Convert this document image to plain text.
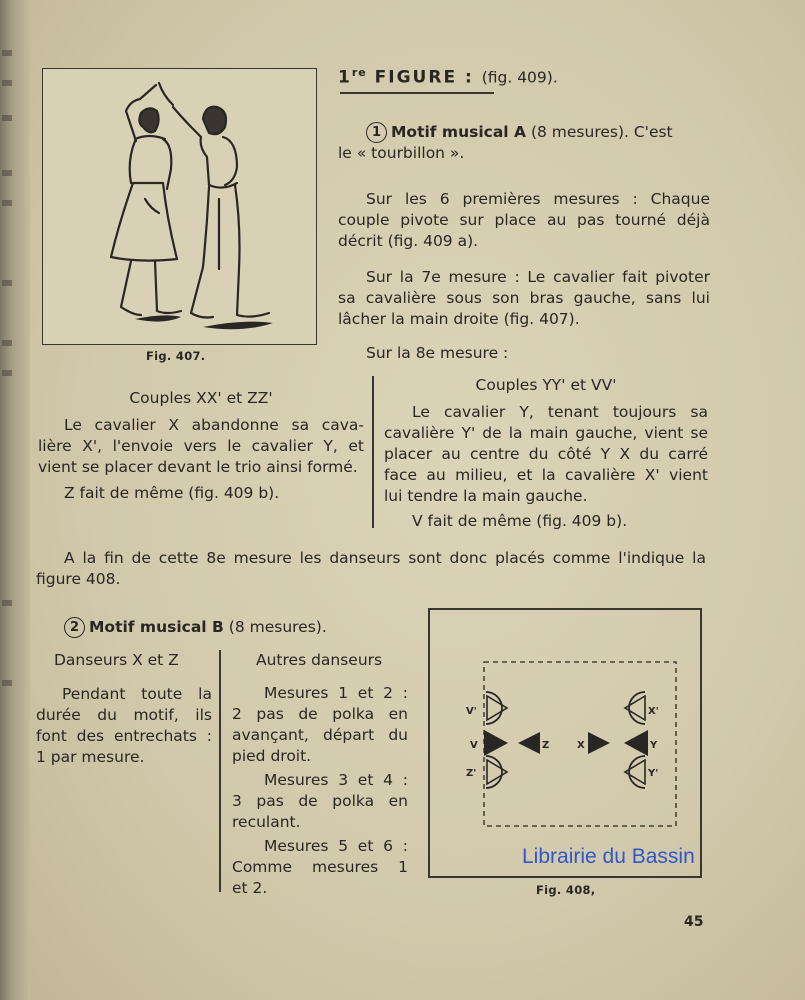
Fig. 407.
1re FIGURE : (fig. 409).

1 Motif musical A (8 mesures). C'est

le « tourbillon ».

Sur les 6 premières mesures : Chaque

couple pivote sur place au pas tourné déjà

décrit (fig. 409 a).

Sur la 7e mesure : Le cavalier fait pivoter

sa cavalière sous son bras gauche, sans lui

lâcher la main droite (fig. 407).

Sur la 8e mesure :

Couples XX' et ZZ'

Le cavalier X abandonne sa cava-

lière X', l'envoie vers le cavalier Y, et

vient se placer devant le trio ainsi formé.

Z fait de même (fig. 409 b).

Couples YY' et VV'

Le cavalier Y, tenant toujours sa

cavalière Y' de la main gauche, vient se

placer au centre du côté Y X du carré

face au milieu, et la cavalière X' vient

lui tendre la main gauche.

V fait de même (fig. 409 b).

A la fin de cette 8e mesure les danseurs sont donc placés comme l'indique la

figure 408.

2 Motif musical B (8 mesures).

Danseurs X et Z

Pendant toute la

durée du motif, ils

font des entrechats :

1 par mesure.

Autres danseurs

Mesures 1 et 2 :

2 pas de polka en

avançant, départ du

pied droit.

Mesures 3 et 4 :

3 pas de polka en

reculant.

Mesures 5 et 6 :

Comme mesures 1

et 2.

V'
V
Z'
Z	X
X'
Y
Y'
Fig. 408,
Librairie du Bassin
45
